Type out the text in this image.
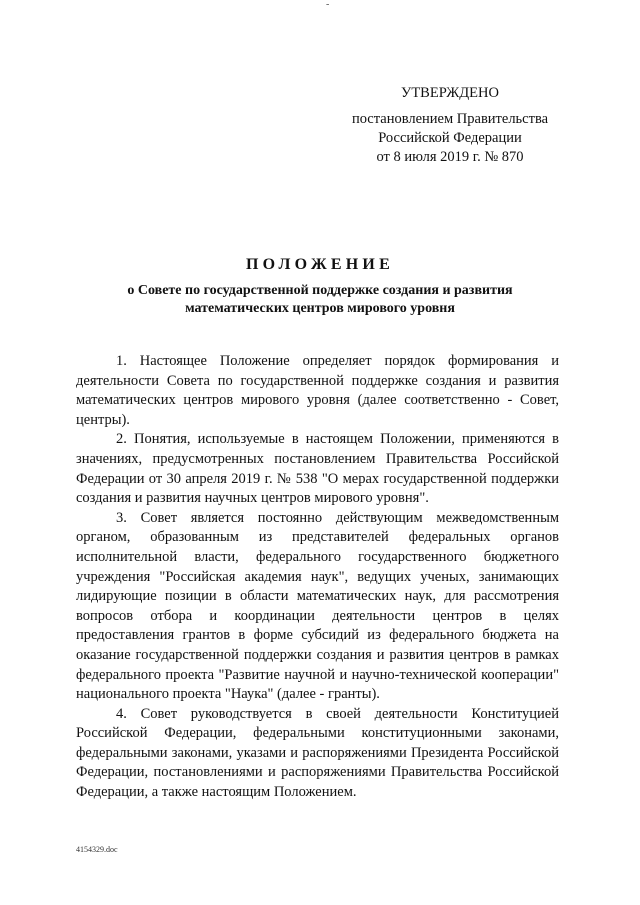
-
УТВЕРЖДЕНО
постановлением Правительства
Российской Федерации
от 8 июля 2019 г. № 870
ПОЛОЖЕНИЕ
о Совете по государственной поддержке создания и развития математических центров мирового уровня

1. Настоящее Положение определяет порядок формирования и деятельности Совета по государственной поддержке создания и развития математических центров мирового уровня (далее соответственно - Совет, центры).

2. Понятия, используемые в настоящем Положении, применяются в значениях, предусмотренных постановлением Правительства Российской Федерации от 30 апреля 2019 г. № 538 "О мерах государственной поддержки создания и развития научных центров мирового уровня".

3. Совет является постоянно действующим межведомственным органом, образованным из представителей федеральных органов исполнительной власти, федерального государственного бюджетного учреждения "Российская академия наук", ведущих ученых, занимающих лидирующие позиции в области математических наук, для рассмотрения вопросов отбора и координации деятельности центров в целях предоставления грантов в форме субсидий из федерального бюджета на оказание государственной поддержки создания и развития центров в рамках федерального проекта "Развитие научной и научно-технической кооперации" национального проекта "Наука" (далее - гранты).

4. Совет руководствуется в своей деятельности Конституцией Российской Федерации, федеральными конституционными законами, федеральными законами, указами и распоряжениями Президента Российской Федерации, постановлениями и распоряжениями Правительства Российской Федерации, а также настоящим Положением.

4154329.doc
